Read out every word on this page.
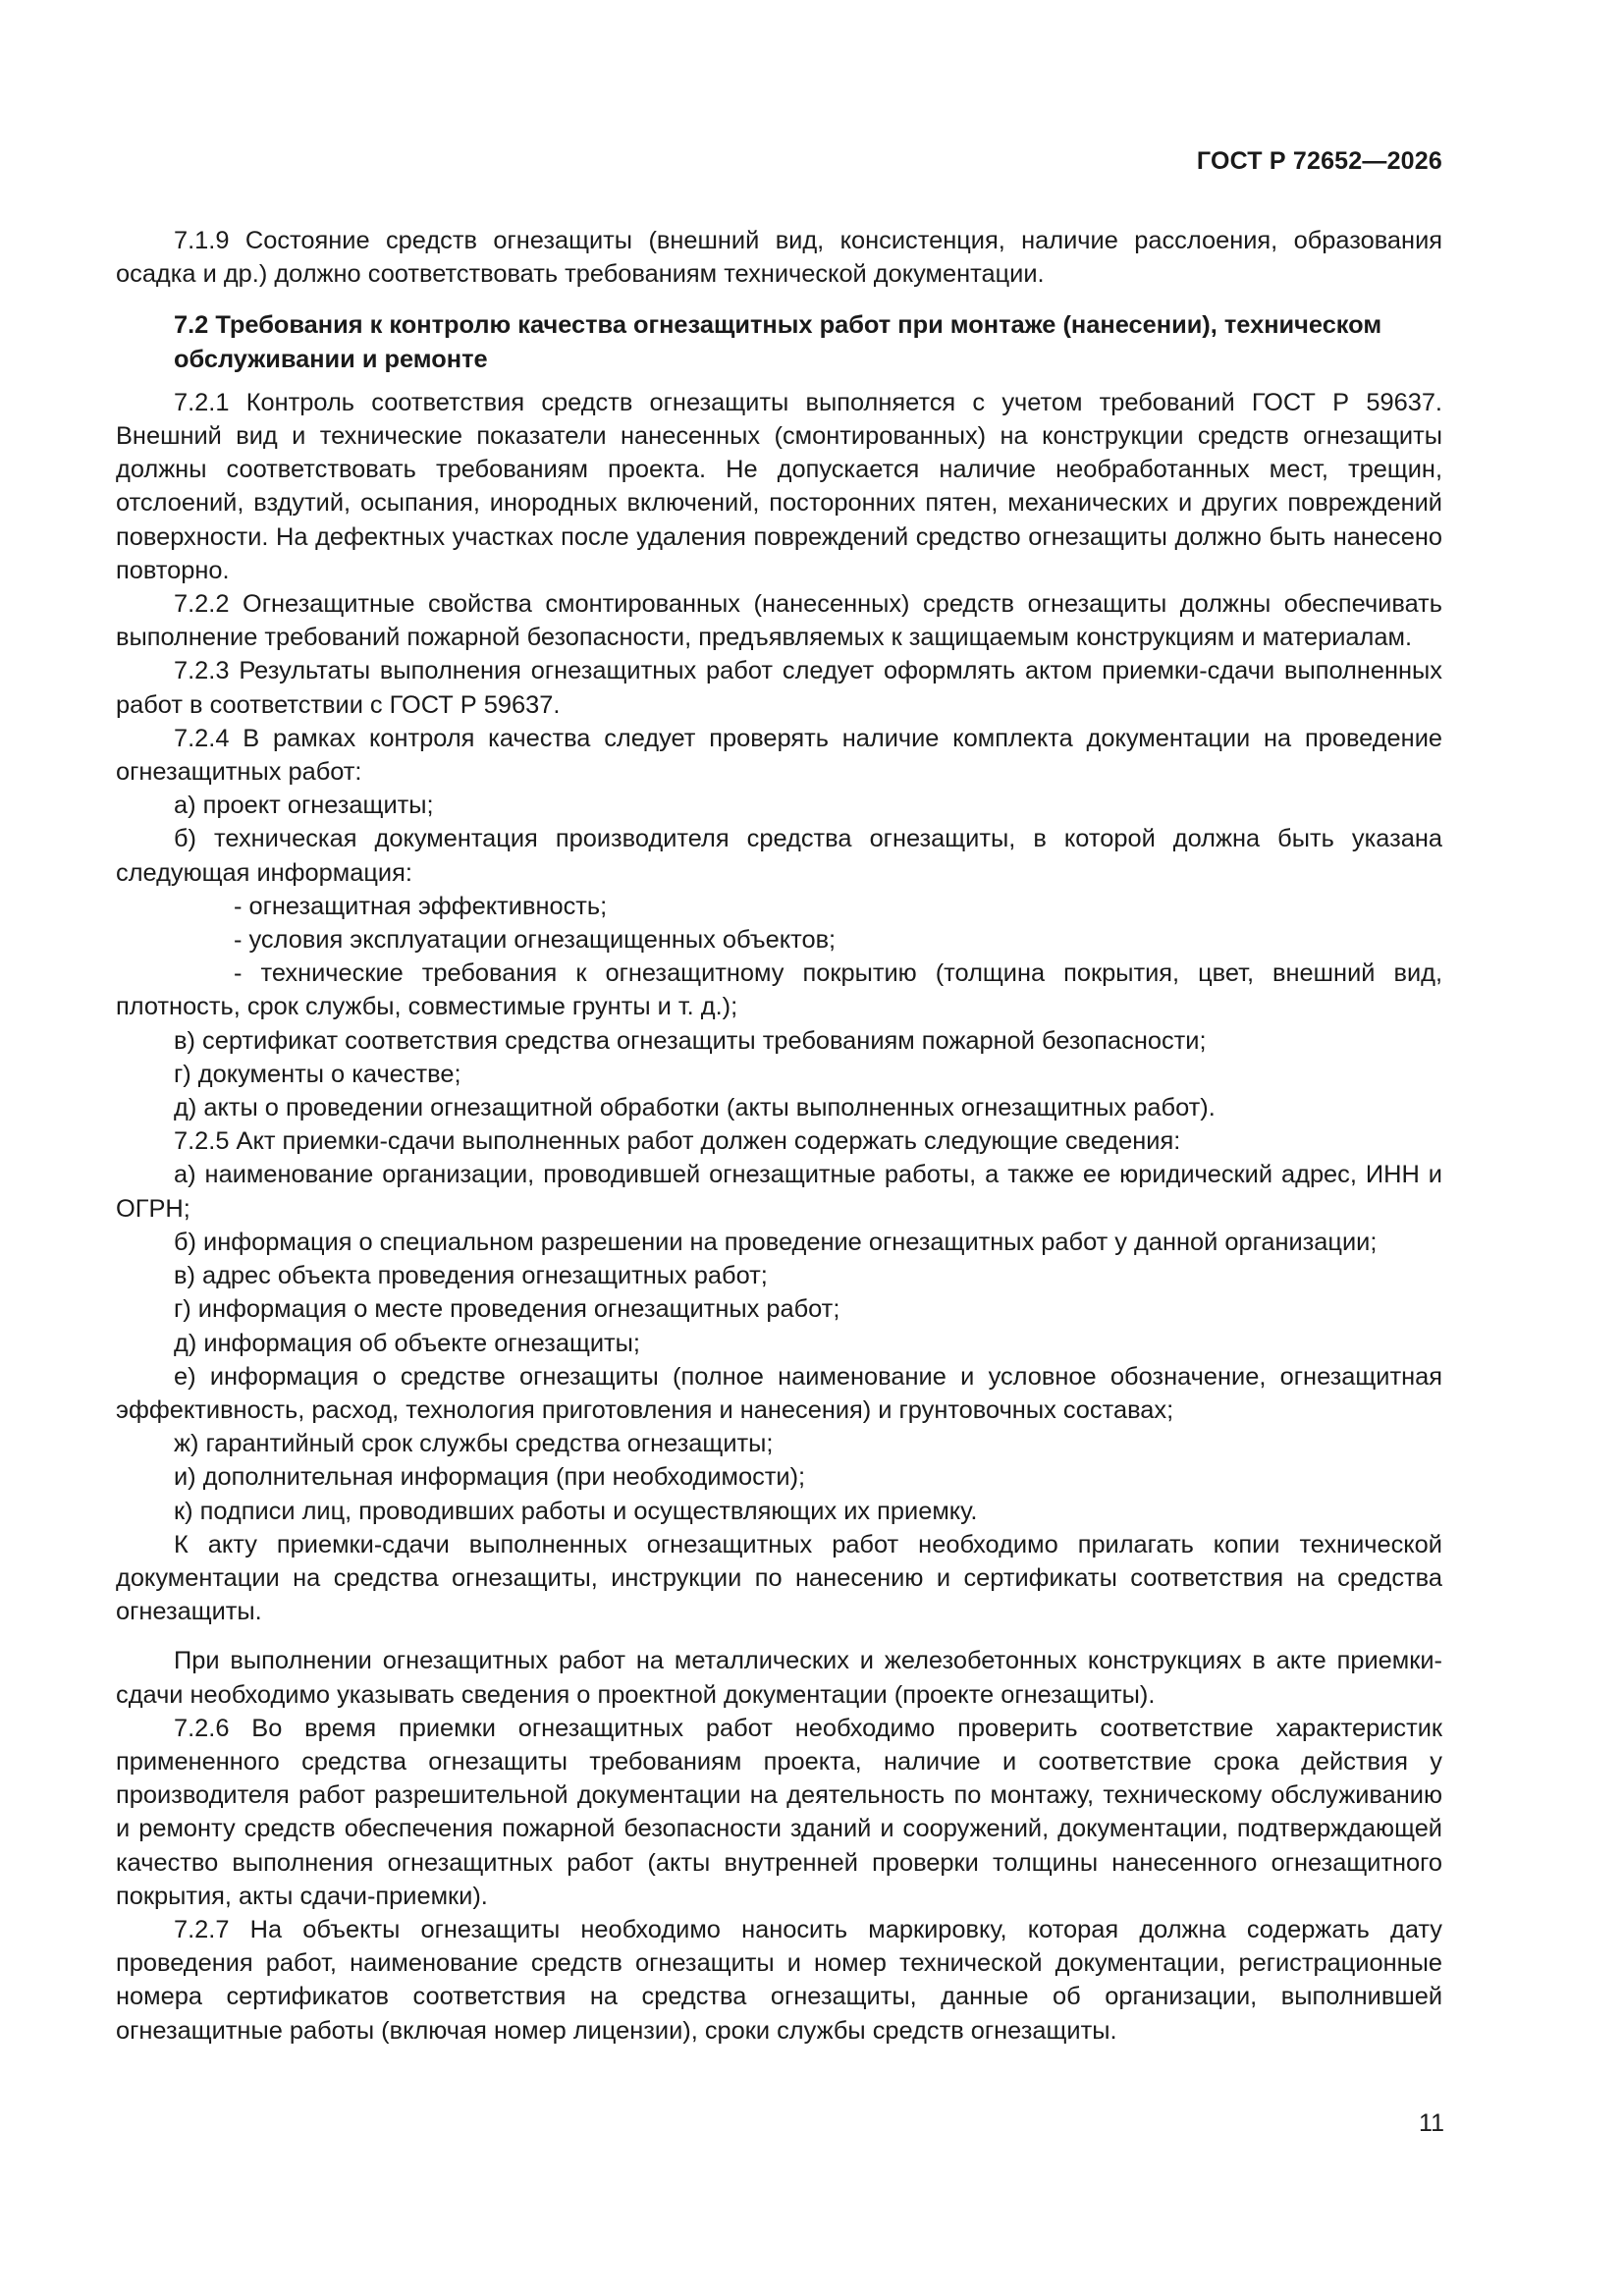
ГОСТ Р 72652—2026

7.1.9 Состояние средств огнезащиты (внешний вид, консистенция, наличие расслоения, образования осадка и др.) должно соответствовать требованиям технической документации.

7.2 Требования к контролю качества огнезащитных работ при монтаже (нанесении), техническом обслуживании и ремонте

7.2.1 Контроль соответствия средств огнезащиты выполняется с учетом требований ГОСТ Р 59637. Внешний вид и технические показатели нанесенных (смонтированных) на конструкции средств огнезащиты должны соответствовать требованиям проекта. Не допускается наличие необработанных мест, трещин, отслоений, вздутий, осыпания, инородных включений, посторонних пятен, механических и других повреждений поверхности. На дефектных участках после удаления повреждений средство огнезащиты должно быть нанесено повторно.

7.2.2 Огнезащитные свойства смонтированных (нанесенных) средств огнезащиты должны обеспечивать выполнение требований пожарной безопасности, предъявляемых к защищаемым конструкциям и материалам.

7.2.3 Результаты выполнения огнезащитных работ следует оформлять актом приемки-сдачи выполненных работ в соответствии с ГОСТ Р 59637.

7.2.4 В рамках контроля качества следует проверять наличие комплекта документации на проведение огнезащитных работ:

а) проект огнезащиты;

б) техническая документация производителя средства огнезащиты, в которой должна быть указана следующая информация:

- огнезащитная эффективность;

- условия эксплуатации огнезащищенных объектов;

- технические требования к огнезащитному покрытию (толщина покрытия, цвет, внешний вид, плотность, срок службы, совместимые грунты и т. д.);

в) сертификат соответствия средства огнезащиты требованиям пожарной безопасности;

г) документы о качестве;

д) акты о проведении огнезащитной обработки (акты выполненных огнезащитных работ).

7.2.5 Акт приемки-сдачи выполненных работ должен содержать следующие сведения:

а) наименование организации, проводившей огнезащитные работы, а также ее юридический адрес, ИНН и ОГРН;

б) информация о специальном разрешении на проведение огнезащитных работ у данной организации;

в) адрес объекта проведения огнезащитных работ;

г) информация о месте проведения огнезащитных работ;

д) информация об объекте огнезащиты;

е) информация о средстве огнезащиты (полное наименование и условное обозначение, огнезащитная эффективность, расход, технология приготовления и нанесения) и грунтовочных составах;

ж) гарантийный срок службы средства огнезащиты;

и) дополнительная информация (при необходимости);

к) подписи лиц, проводивших работы и осуществляющих их приемку.

К акту приемки-сдачи выполненных огнезащитных работ необходимо прилагать копии технической документации на средства огнезащиты, инструкции по нанесению и сертификаты соответствия на средства огнезащиты.

При выполнении огнезащитных работ на металлических и железобетонных конструкциях в акте приемки-сдачи необходимо указывать сведения о проектной документации (проекте огнезащиты).

7.2.6 Во время приемки огнезащитных работ необходимо проверить соответствие характеристик примененного средства огнезащиты требованиям проекта, наличие и соответствие срока действия у производителя работ разрешительной документации на деятельность по монтажу, техническому обслуживанию и ремонту средств обеспечения пожарной безопасности зданий и сооружений, документации, подтверждающей качество выполнения огнезащитных работ (акты внутренней проверки толщины нанесенного огнезащитного покрытия, акты сдачи-приемки).

7.2.7 На объекты огнезащиты необходимо наносить маркировку, которая должна содержать дату проведения работ, наименование средств огнезащиты и номер технической документации, регистрационные номера сертификатов соответствия на средства огнезащиты, данные об организации, выполнившей огнезащитные работы (включая номер лицензии), сроки службы средств огнезащиты.

11
